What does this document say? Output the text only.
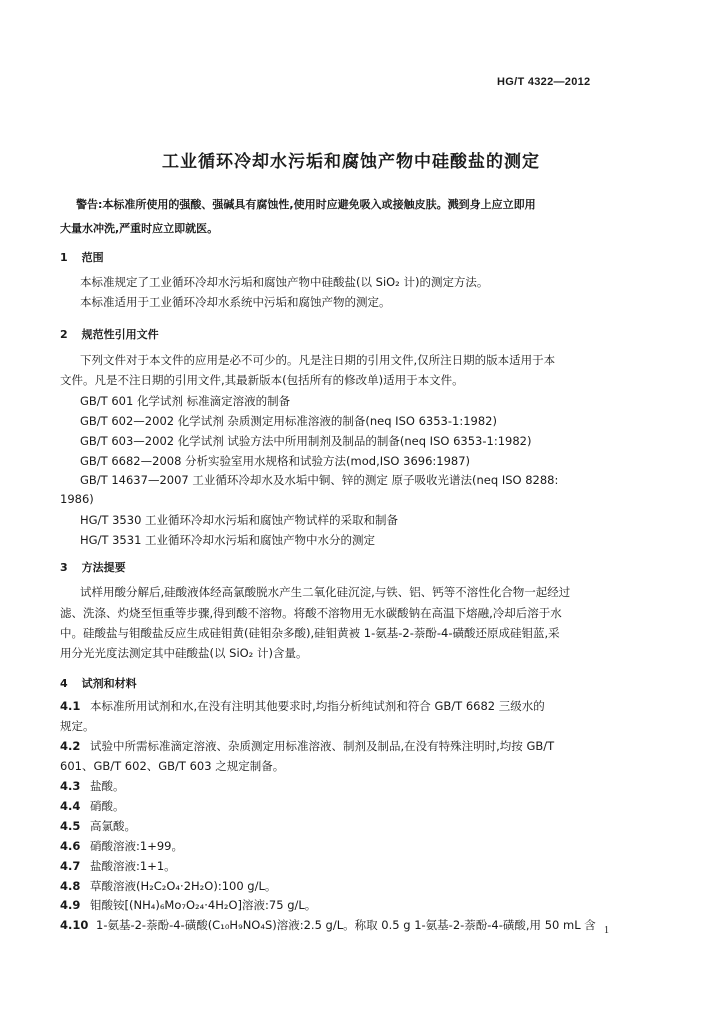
HG/T 4322—2012
工业循环冷却水污垢和腐蚀产物中硅酸盐的测定
警告:本标准所使用的强酸、强碱具有腐蚀性,使用时应避免吸入或接触皮肤。溅到身上应立即用
大量水冲洗,严重时应立即就医。
1 范围
本标准规定了工业循环冷却水污垢和腐蚀产物中硅酸盐(以 SiO₂ 计)的测定方法。
本标准适用于工业循环冷却水系统中污垢和腐蚀产物的测定。
2 规范性引用文件
下列文件对于本文件的应用是必不可少的。凡是注日期的引用文件,仅所注日期的版本适用于本
文件。凡是不注日期的引用文件,其最新版本(包括所有的修改单)适用于本文件。
GB/T 601 化学试剂 标准滴定溶液的制备
GB/T 602—2002 化学试剂 杂质测定用标准溶液的制备(neq ISO 6353-1:1982)
GB/T 603—2002 化学试剂 试验方法中所用制剂及制品的制备(neq ISO 6353-1:1982)
GB/T 6682—2008 分析实验室用水规格和试验方法(mod,ISO 3696:1987)
GB/T 14637—2007 工业循环冷却水及水垢中铜、锌的测定 原子吸收光谱法(neq ISO 8288:
1986)
HG/T 3530 工业循环冷却水污垢和腐蚀产物试样的采取和制备
HG/T 3531 工业循环冷却水污垢和腐蚀产物中水分的测定
3 方法提要
试样用酸分解后,硅酸液体经高氯酸脱水产生二氧化硅沉淀,与铁、铝、钙等不溶性化合物一起经过
滤、洗涤、灼烧至恒重等步骤,得到酸不溶物。将酸不溶物用无水碳酸钠在高温下熔融,冷却后溶于水
中。硅酸盐与钼酸盐反应生成硅钼黄(硅钼杂多酸),硅钼黄被 1-氨基-2-萘酚-4-磺酸还原成硅钼蓝,采
用分光光度法测定其中硅酸盐(以 SiO₂ 计)含量。
4 试剂和材料
4.1 本标准所用试剂和水,在没有注明其他要求时,均指分析纯试剂和符合 GB/T 6682 三级水的
规定。
4.2 试验中所需标准滴定溶液、杂质测定用标准溶液、制剂及制品,在没有特殊注明时,均按 GB/T
601、GB/T 602、GB/T 603 之规定制备。
4.3 盐酸。
4.4 硝酸。
4.5 高氯酸。
4.6 硝酸溶液:1+99。
4.7 盐酸溶液:1+1。
4.8 草酸溶液(H₂C₂O₄·2H₂O):100 g/L。
4.9 钼酸铵[(NH₄)₆Mo₇O₂₄·4H₂O]溶液:75 g/L。
4.10 1-氨基-2-萘酚-4-磺酸(C₁₀H₉NO₄S)溶液:2.5 g/L。称取 0.5 g 1-氨基-2-萘酚-4-磺酸,用 50 mL 含 1
